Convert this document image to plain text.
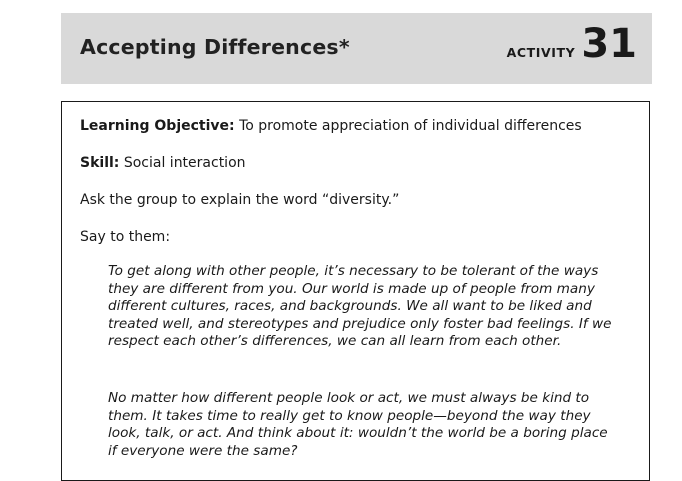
Accepting Differences*	ACTIVITY 31
Learning Objective: To promote appreciation of individual differences
Skill: Social interaction
Ask the group to explain the word “diversity.”
Say to them:

To get along with other people, it’s necessary to be tolerant of the ways they are different from you. Our world is made up of people from many different cultures, races, and backgrounds. We all want to be liked and treated well, and stereotypes and prejudice only foster bad feelings. If we respect each other’s differences, we can all learn from each other.

No matter how different people look or act, we must always be kind to them. It takes time to really get to know people—beyond the way they look, talk, or act. And think about it: wouldn’t the world be a boring place if everyone were the same?
